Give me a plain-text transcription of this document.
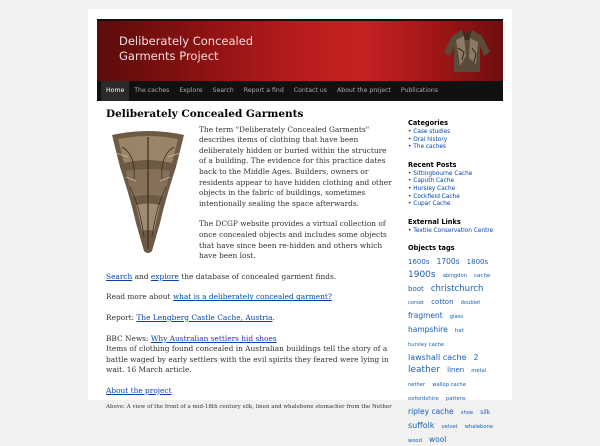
Deliberately Concealed
Garments Project
Home	The caches	Explore	Search	Report a find	Contact us	About the project	Publications
Deliberately Concealed Garments

The term "Deliberately Concealed Garments" describes items of clothing that have been deliberately hidden or buried within the structure of a building. The evidence for this practice dates back to the Middle Ages. Builders, owners or residents appear to have hidden clothing and other objects in the fabric of buildings, sometimes intentionally sealing the space afterwards.

The DCGP website provides a virtual collection of once concealed objects and includes some objects that have since been re-hidden and others which have been lost.

Search and explore the database of concealed garment finds.

Read more about what is a deliberately concealed garment?

Report: The Lengberg Castle Cache, Austria.

BBC News: Why Australian settlers hid shoes
Items of clothing found concealed in Australian buildings tell the story of a battle waged by early settlers with the evil spirits they feared were lying in wait. 16 March article.

About the project

Above: A view of the front of a mid-18th century silk, linen and whalebone stomacher from the Nether
Categories
• Case studies
• Oral history
• The caches
Recent Posts
• Sittingbourne Cache
• Caputh Cache
• Hursley Cache
• Cockfield Cache
• Cupar Cache
External Links
• Textile Conservation Centre
Objects tags
1600s 1700s 1800s 1900s abingdon cache boot christchurch corset cotton doublet fragment glass hampshire hat hursley cache lawshall cache 2 leather linen metal nether wallop cache oxfordshire pattens ripley cache shoe silk suffolk velvet whalebone wood wool
